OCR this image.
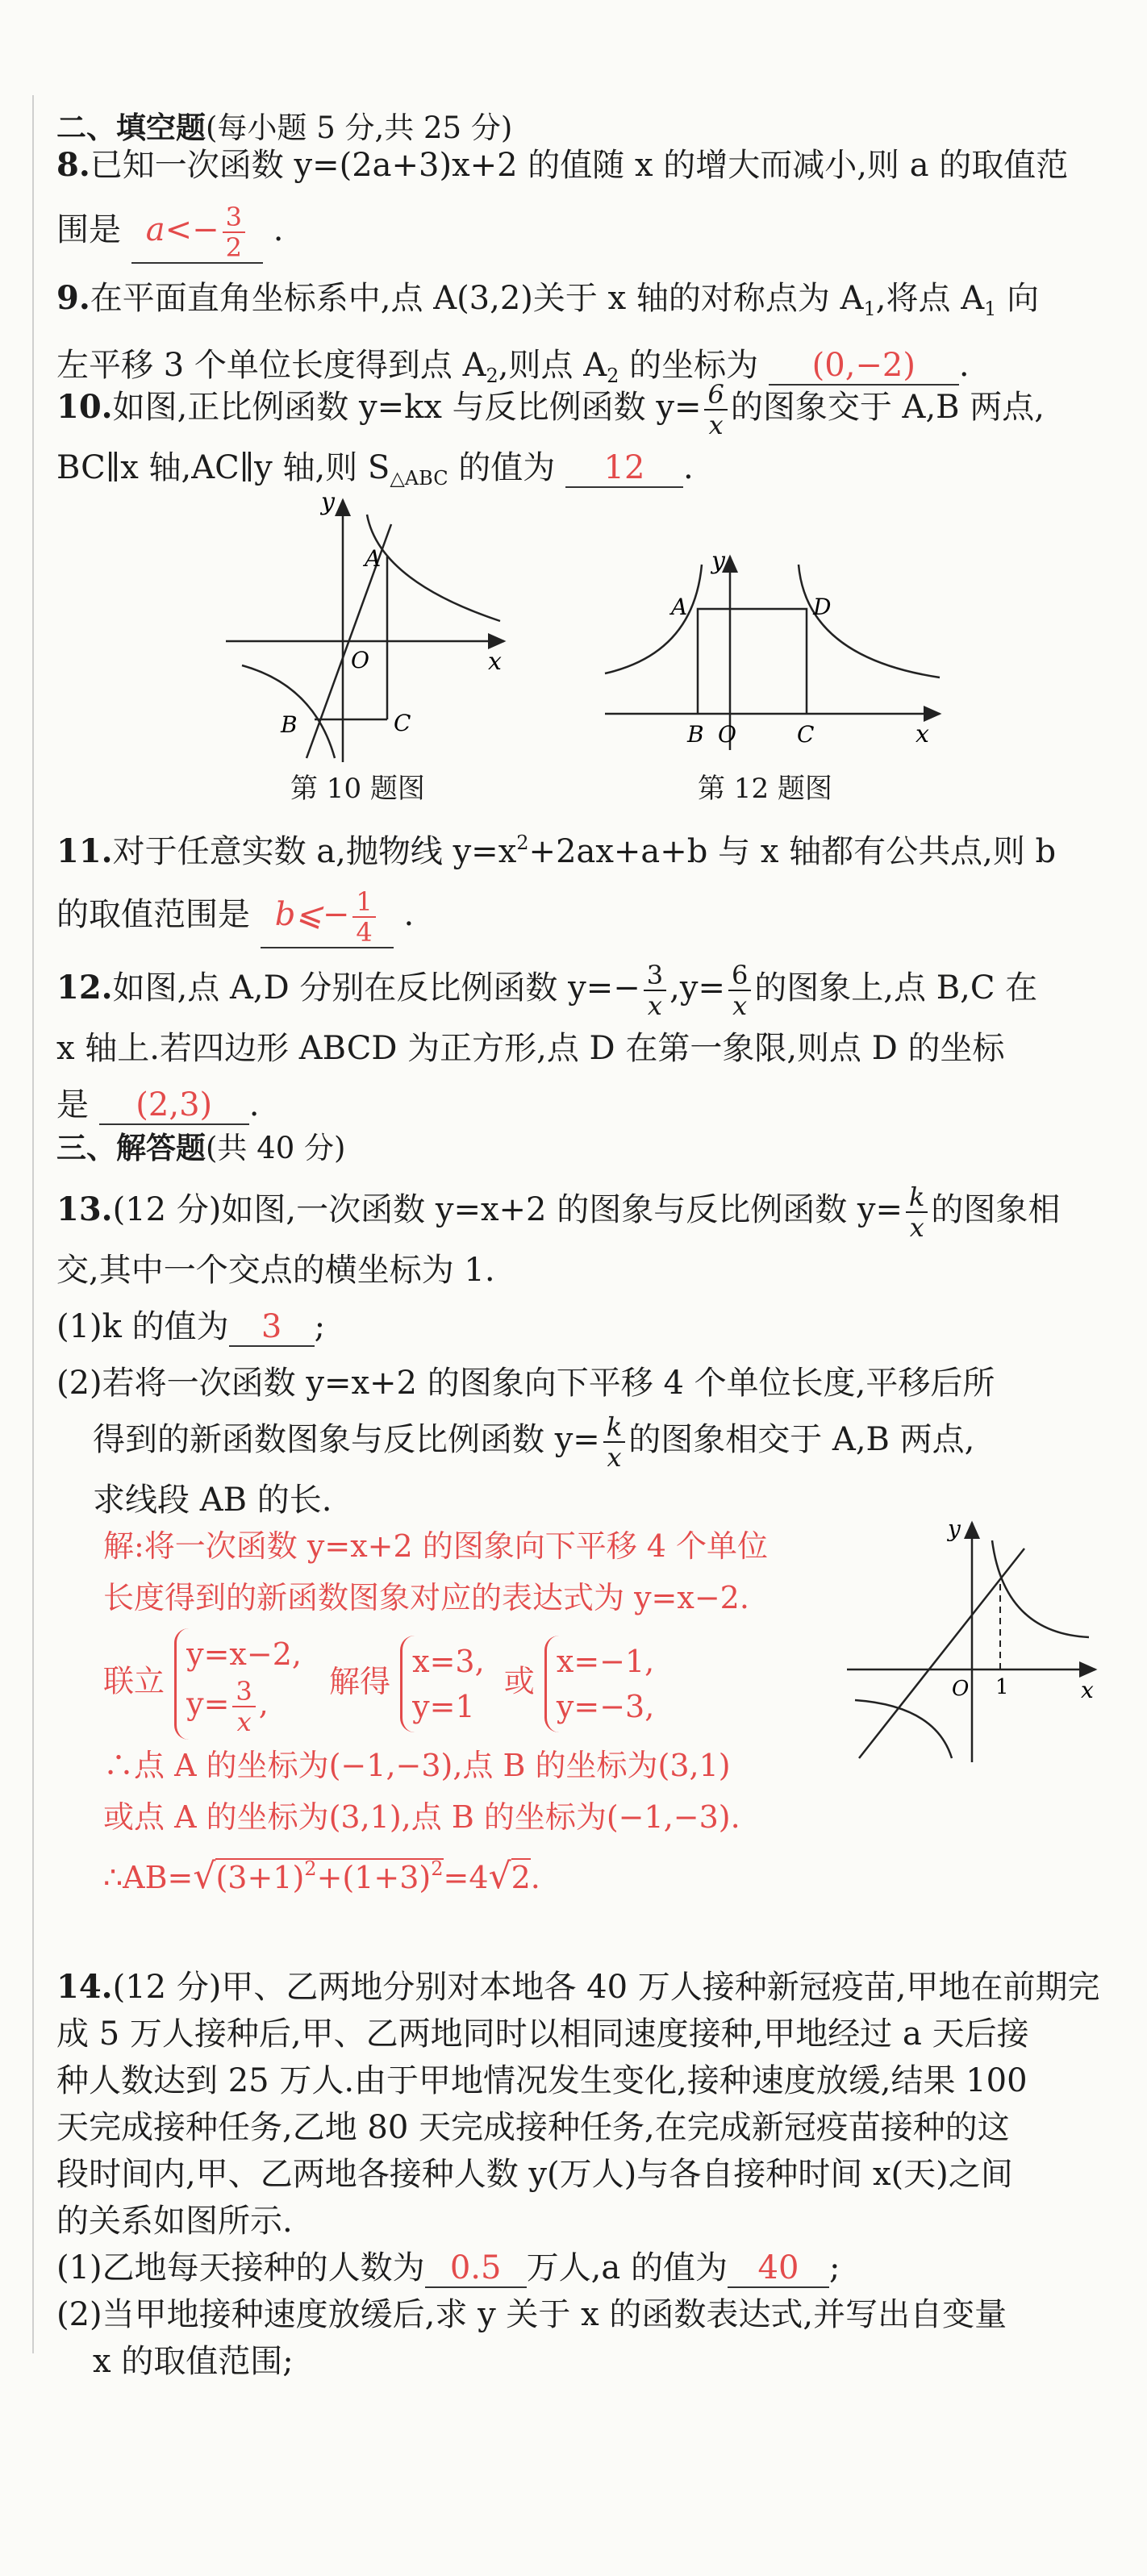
二、填空题(每小题 5 分,共 25 分)
8.已知一次函数 y=(2a+3)x+2 的值随 x 的增大而减小,则 a 的取值范
围是 $a<- \frac{3}{2}$ .
9.在平面直角坐标系中,点 A(3,2)关于 x 轴的对称点为 $A_1$,将点 $A_1$ 向
左平移 3 个单位长度得到点 $A_2$,则点 $A_2$ 的坐标为 (0,−2) .
10.如图,正比例函数 y=kx 与反比例函数 $y= \frac{6}{x}$ 的图象交于 A,B 两点,
BC∥x 轴,AC∥y 轴,则 $S_{\triangle ABC}$ 的值为 12 .
y
x
O
A
B	C
第 10 题图
y
x
A	D
B O	C
第 12 题图
11.对于任意实数 a,抛物线 $y=x^2+2ax+a+b$ 与 x 轴都有公共点,则 b
的取值范围是 b⩽− $\frac{1}{4}$ .
12.如图,点 A,D 分别在反比例函数 $y=- \frac{3}{x} ,y= \frac{6}{x}$ 的图象上,点 B,C 在
x 轴上.若四边形 ABCD 为正方形,点 D 在第一象限,则点 D 的坐标
是 (2,3) .
三、解答题(共 40 分)
13.(12 分)如图,一次函数 y=x+2 的图象与反比例函数 $y= \frac{k}{x}$ 的图象相
交,其中一个交点的横坐标为 1.
(1)k 的值为 3 ;
(2)若将一次函数 y=x+2 的图象向下平移 4 个单位长度,平移后所
得到的新函数图象与反比例函数 $y= \frac{k}{x}$ 的图象相交于 A,B 两点,
求线段 AB 的长.
解:将一次函数 y=x+2 的图象向下平移 4 个单位
长度得到的新函数图象对应的表达式为 y=x−2.
联立
y=x−2,
$y= \frac{3}{x}$ ,
解得
x=3,
y=1
或
x=−1,
y=−3,
∴点 A 的坐标为(−1,−3),点 B 的坐标为(3,1)
或点 A 的坐标为(3,1),点 B 的坐标为(−1,−3).
$\therefore AB=√(3+1)^2+(1+3)^2=4√2$.
y
x
O 1
14.(12 分)甲、乙两地分别对本地各 40 万人接种新冠疫苗,甲地在前期完
成 5 万人接种后,甲、乙两地同时以相同速度接种,甲地经过 a 天后接
种人数达到 25 万人.由于甲地情况发生变化,接种速度放缓,结果 100
天完成接种任务,乙地 80 天完成接种任务,在完成新冠疫苗接种的这
段时间内,甲、乙两地各接种人数 y(万人)与各自接种时间 x(天)之间
的关系如图所示.
(1)乙地每天接种的人数为 0.5 万人,a 的值为 40 ;
(2)当甲地接种速度放缓后,求 y 关于 x 的函数表达式,并写出自变量
x 的取值范围;
